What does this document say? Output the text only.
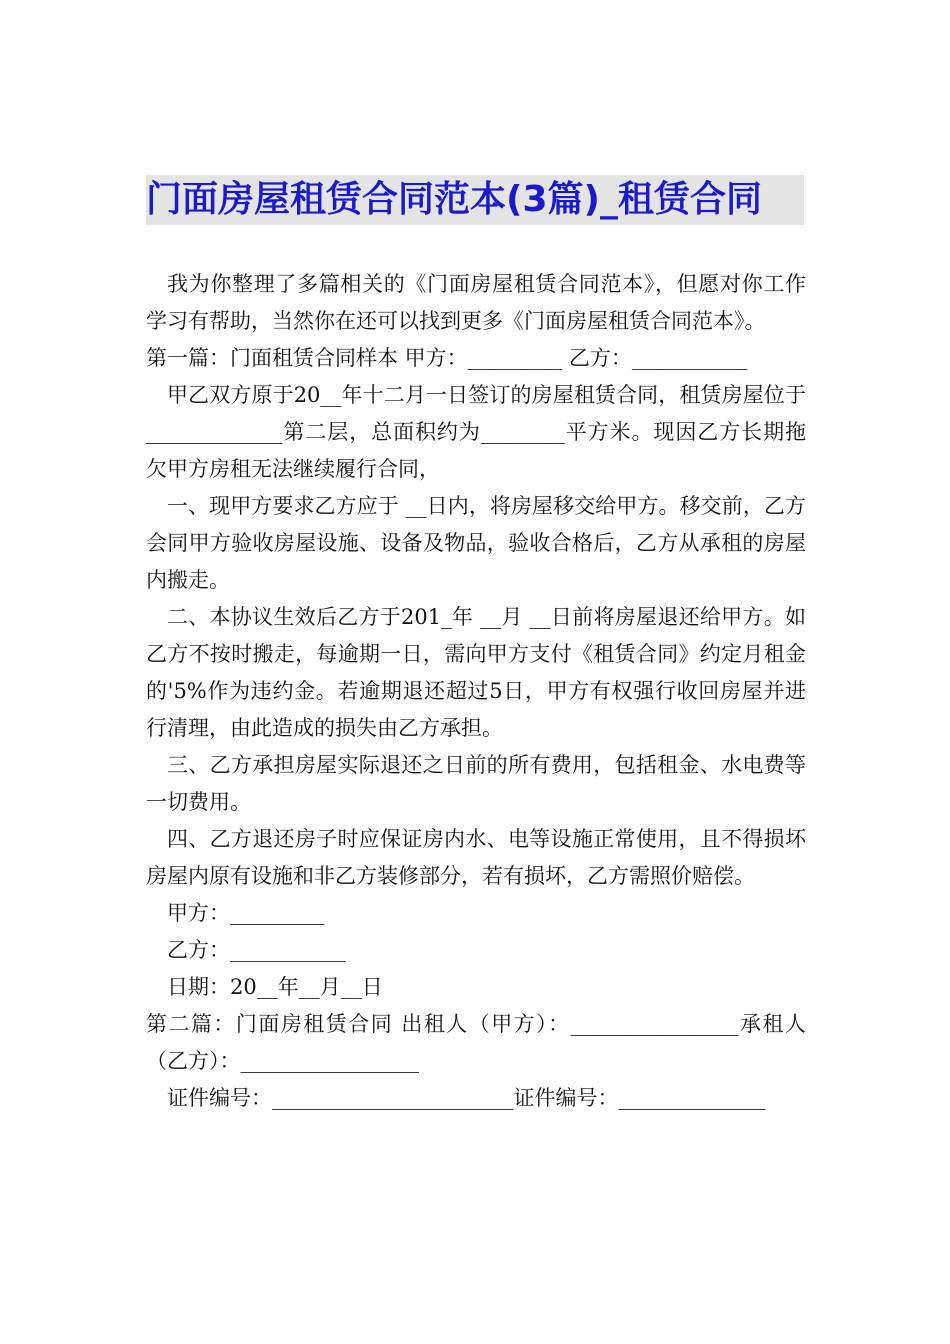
门面房屋租赁合同范本(3篇)_租赁合同

我为你整理了多篇相关的《门面房屋租赁合同范本》，但愿对你工作学习有帮助，当然你在还可以找到更多《门面房屋租赁合同范本》。

第一篇：门面租赁合同样本 甲方：_________ 乙方：___________

甲乙双方原于20__年十二月一日签订的房屋租赁合同，租赁房屋位于_____________第二层，总面积约为________平方米。现因乙方长期拖欠甲方房租无法继续履行合同，

一、现甲方要求乙方应于 __日内，将房屋移交给甲方。移交前，乙方会同甲方验收房屋设施、设备及物品，验收合格后，乙方从承租的房屋内搬走。

二、本协议生效后乙方于201_年 __月 __日前将房屋退还给甲方。如乙方不按时搬走，每逾期一日，需向甲方支付《租赁合同》约定月租金的'5%作为违约金。若逾期退还超过5日，甲方有权强行收回房屋并进行清理，由此造成的损失由乙方承担。

三、乙方承担房屋实际退还之日前的所有费用，包括租金、水电费等一切费用。

四、乙方退还房子时应保证房内水、电等设施正常使用，且不得损坏房屋内原有设施和非乙方装修部分，若有损坏，乙方需照价赔偿。

甲方：_________

乙方：___________

日期：20__年__月__日

第二篇：门面房租赁合同 出租人（甲方）：________________承租人（乙方）：_________________

证件编号：_______________________证件编号：______________
